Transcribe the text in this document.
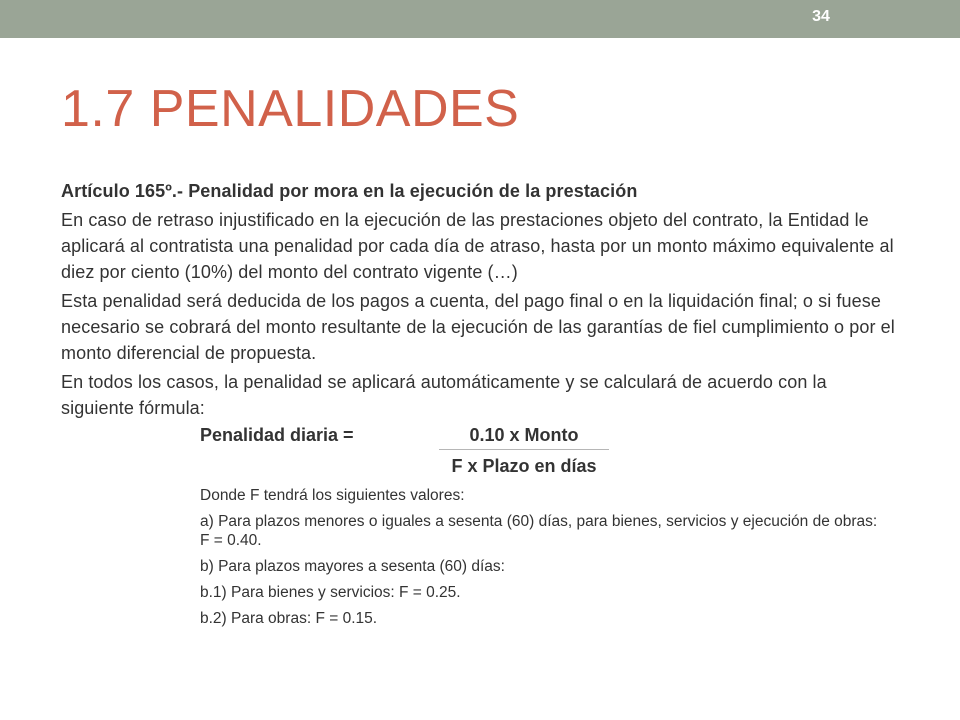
34
1.7 PENALIDADES

Artículo 165º.- Penalidad por mora en la ejecución de la prestación

En caso de retraso injustificado en la ejecución de las prestaciones objeto del contrato, la Entidad le aplicará al contratista una penalidad por cada día de atraso, hasta por un monto máximo equivalente al diez por ciento (10%) del monto del contrato vigente (…)

Esta penalidad será deducida de los pagos a cuenta, del pago final o en la liquidación final; o si fuese necesario se cobrará del monto resultante de la ejecución de las garantías de fiel cumplimiento o por el monto diferencial de propuesta.

En todos los casos, la penalidad se aplicará automáticamente y se calculará de acuerdo con la siguiente fórmula:

Penalidad diaria =	0.10 x Monto
F x Plazo en días

Donde F tendrá los siguientes valores:

a) Para plazos menores o iguales a sesenta (60) días, para bienes, servicios y ejecución de obras: F = 0.40.

b) Para plazos mayores a sesenta (60) días:

b.1) Para bienes y servicios: F = 0.25.

b.2) Para obras: F = 0.15.
